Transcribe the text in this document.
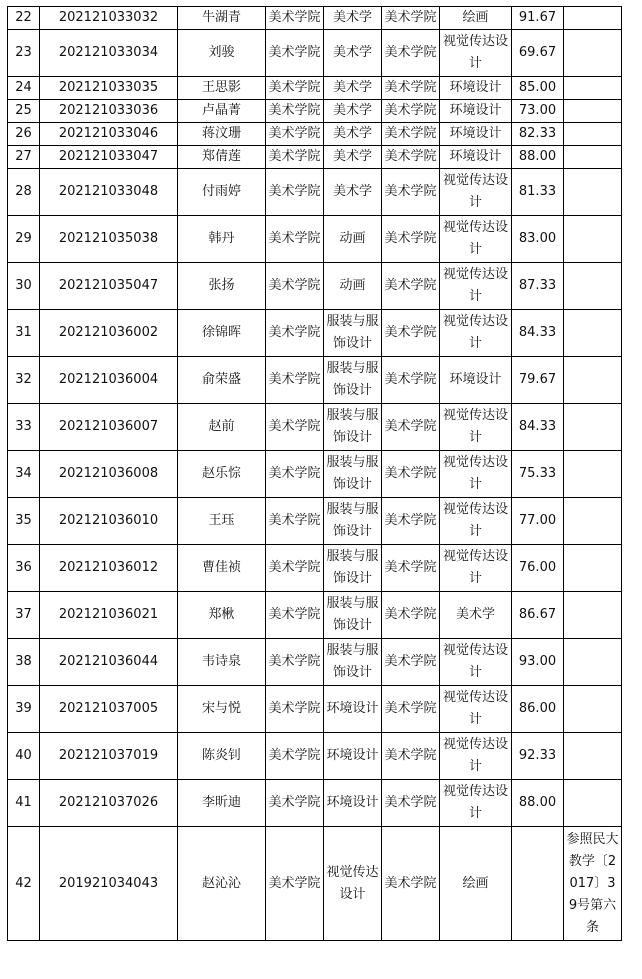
22	202121033032	牛湖青	美术学院	美术学	美术学院	绘画	91.67	
23	202121033034	刘骏	美术学院	美术学	美术学院	视觉传达设计	69.67	
24	202121033035	王思影	美术学院	美术学	美术学院	环境设计	85.00	
25	202121033036	卢晶菁	美术学院	美术学	美术学院	环境设计	73.00	
26	202121033046	蒋汶珊	美术学院	美术学	美术学院	环境设计	82.33	
27	202121033047	郑倩莲	美术学院	美术学	美术学院	环境设计	88.00	
28	202121033048	付雨婷	美术学院	美术学	美术学院	视觉传达设计	81.33	
29	202121035038	韩丹	美术学院	动画	美术学院	视觉传达设计	83.00	
30	202121035047	张扬	美术学院	动画	美术学院	视觉传达设计	87.33	
31	202121036002	徐锦晖	美术学院	服装与服饰设计	美术学院	视觉传达设计	84.33	
32	202121036004	俞荣盛	美术学院	服装与服饰设计	美术学院	环境设计	79.67	
33	202121036007	赵前	美术学院	服装与服饰设计	美术学院	视觉传达设计	84.33	
34	202121036008	赵乐悰	美术学院	服装与服饰设计	美术学院	视觉传达设计	75.33	
35	202121036010	王珏	美术学院	服装与服饰设计	美术学院	视觉传达设计	77.00	
36	202121036012	曹佳祯	美术学院	服装与服饰设计	美术学院	视觉传达设计	76.00	
37	202121036021	郑楸	美术学院	服装与服饰设计	美术学院	美术学	86.67	
38	202121036044	韦诗泉	美术学院	服装与服饰设计	美术学院	视觉传达设计	93.00	
39	202121037005	宋与悦	美术学院	环境设计	美术学院	视觉传达设计	86.00	
40	202121037019	陈炎钊	美术学院	环境设计	美术学院	视觉传达设计	92.33	
41	202121037026	李昕迪	美术学院	环境设计	美术学院	视觉传达设计	88.00	
42	201921034043	赵沁沁	美术学院	视觉传达设计	美术学院	绘画		参照民大教学〔2017〕39号第六条
